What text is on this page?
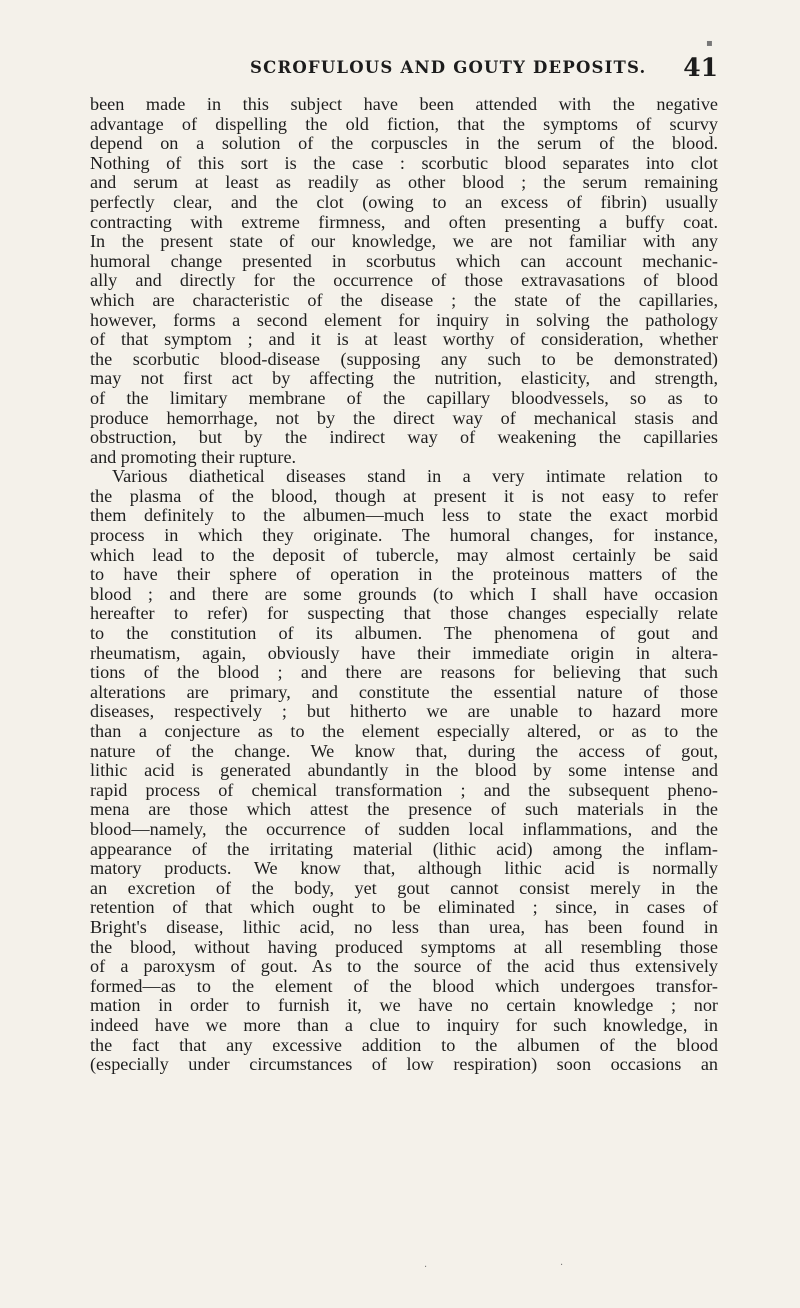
▪
SCROFULOUS AND GOUTY DEPOSITS. 41
been made in this subject have been attended with the negative
advantage of dispelling the old fiction, that the symptoms of scurvy
depend on a solution of the corpuscles in the serum of the blood.
Nothing of this sort is the case : scorbutic blood separates into clot
and serum at least as readily as other blood ; the serum remaining
perfectly clear, and the clot (owing to an excess of fibrin) usually
contracting with extreme firmness, and often presenting a buffy coat.
In the present state of our knowledge, we are not familiar with any
humoral change presented in scorbutus which can account mechanic-
ally and directly for the occurrence of those extravasations of blood
which are characteristic of the disease ; the state of the capillaries,
however, forms a second element for inquiry in solving the pathology
of that symptom ; and it is at least worthy of consideration, whether
the scorbutic blood-disease (supposing any such to be demonstrated)
may not first act by affecting the nutrition, elasticity, and strength,
of the limitary membrane of the capillary bloodvessels, so as to
produce hemorrhage, not by the direct way of mechanical stasis and
obstruction, but by the indirect way of weakening the capillaries
and promoting their rupture.
Various diathetical diseases stand in a very intimate relation to
the plasma of the blood, though at present it is not easy to refer
them definitely to the albumen—much less to state the exact morbid
process in which they originate. The humoral changes, for instance,
which lead to the deposit of tubercle, may almost certainly be said
to have their sphere of operation in the proteinous matters of the
blood ; and there are some grounds (to which I shall have occasion
hereafter to refer) for suspecting that those changes especially relate
to the constitution of its albumen. The phenomena of gout and
rheumatism, again, obviously have their immediate origin in altera-
tions of the blood ; and there are reasons for believing that such
alterations are primary, and constitute the essential nature of those
diseases, respectively ; but hitherto we are unable to hazard more
than a conjecture as to the element especially altered, or as to the
nature of the change. We know that, during the access of gout,
lithic acid is generated abundantly in the blood by some intense and
rapid process of chemical transformation ; and the subsequent pheno-
mena are those which attest the presence of such materials in the
blood—namely, the occurrence of sudden local inflammations, and the
appearance of the irritating material (lithic acid) among the inflam-
matory products. We know that, although lithic acid is normally
an excretion of the body, yet gout cannot consist merely in the
retention of that which ought to be eliminated ; since, in cases of
Bright's disease, lithic acid, no less than urea, has been found in
the blood, without having produced symptoms at all resembling those
of a paroxysm of gout. As to the source of the acid thus extensively
formed—as to the element of the blood which undergoes transfor-
mation in order to furnish it, we have no certain knowledge ; nor
indeed have we more than a clue to inquiry for such knowledge, in
the fact that any excessive addition to the albumen of the blood
(especially under circumstances of low respiration) soon occasions an
·	·
